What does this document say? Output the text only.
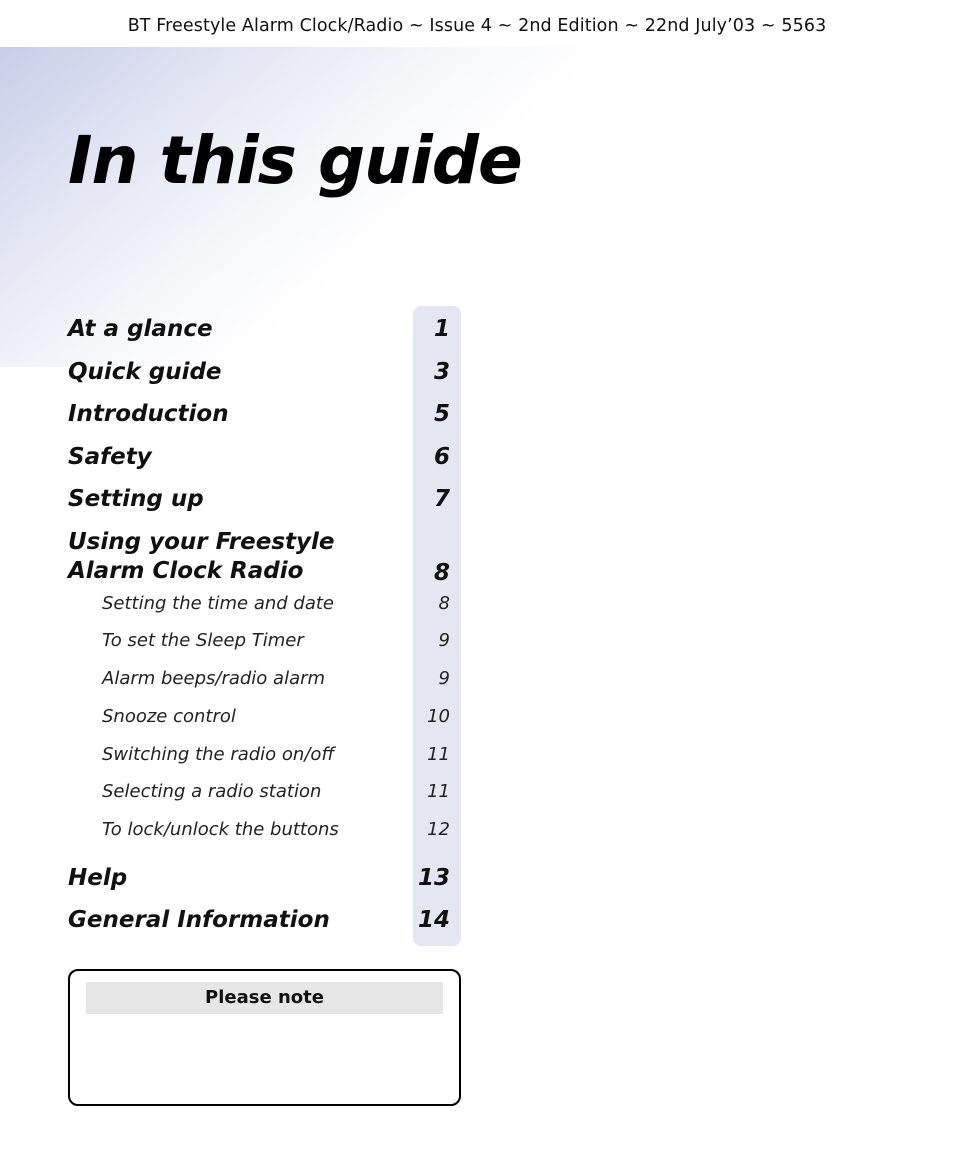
BT Freestyle Alarm Clock/Radio ~ Issue 4 ~ 2nd Edition ~ 22nd July’03 ~ 5563
In this guide
At a glance	1
Quick guide	3
Introduction	5
Safety	6
Setting up	7
Using your Freestyle
Alarm Clock Radio	8
Setting the time and date	8
To set the Sleep Timer	9
Alarm beeps/radio alarm	9
Snooze control	10
Switching the radio on/off	11
Selecting a radio station	11
To lock/unlock the buttons	12
Help	13
General Information	14
Please note
